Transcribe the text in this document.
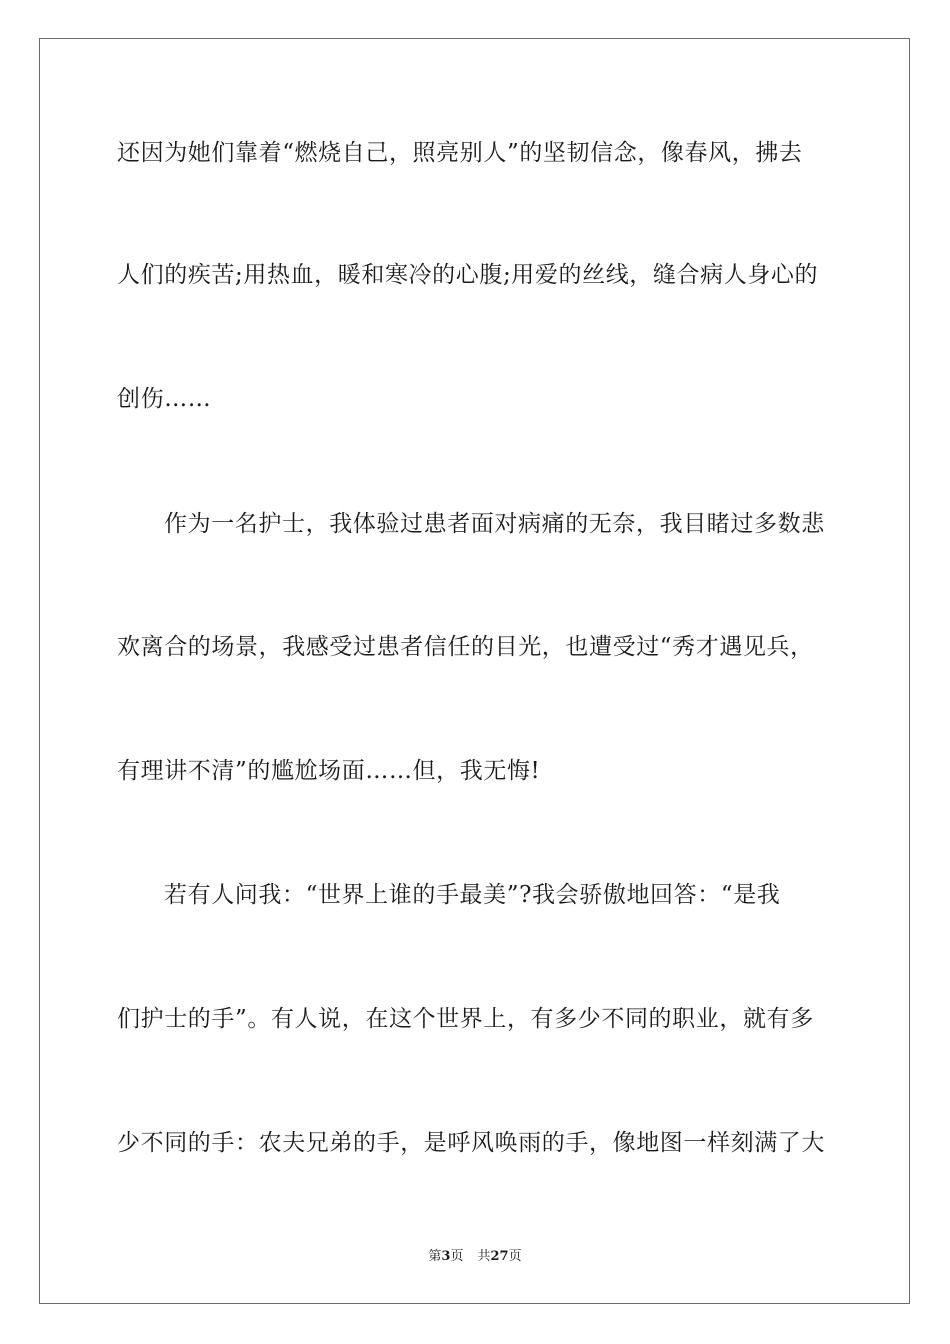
还因为她们靠着“燃烧自己，照亮别人”的坚韧信念，像春风，拂去
人们的疾苦;用热血，暖和寒冷的心腹;用爱的丝线，缝合病人身心的
创伤……
作为一名护士，我体验过患者面对病痛的无奈，我目睹过多数悲
欢离合的场景，我感受过患者信任的目光，也遭受过“秀才遇见兵，
有理讲不清”的尴尬场面……但，我无悔!
若有人问我：“世界上谁的手最美”?我会骄傲地回答：“是我
们护士的手”。有人说，在这个世界上，有多少不同的职业，就有多
少不同的手：农夫兄弟的手，是呼风唤雨的手，像地图一样刻满了大
第3页 共27页
